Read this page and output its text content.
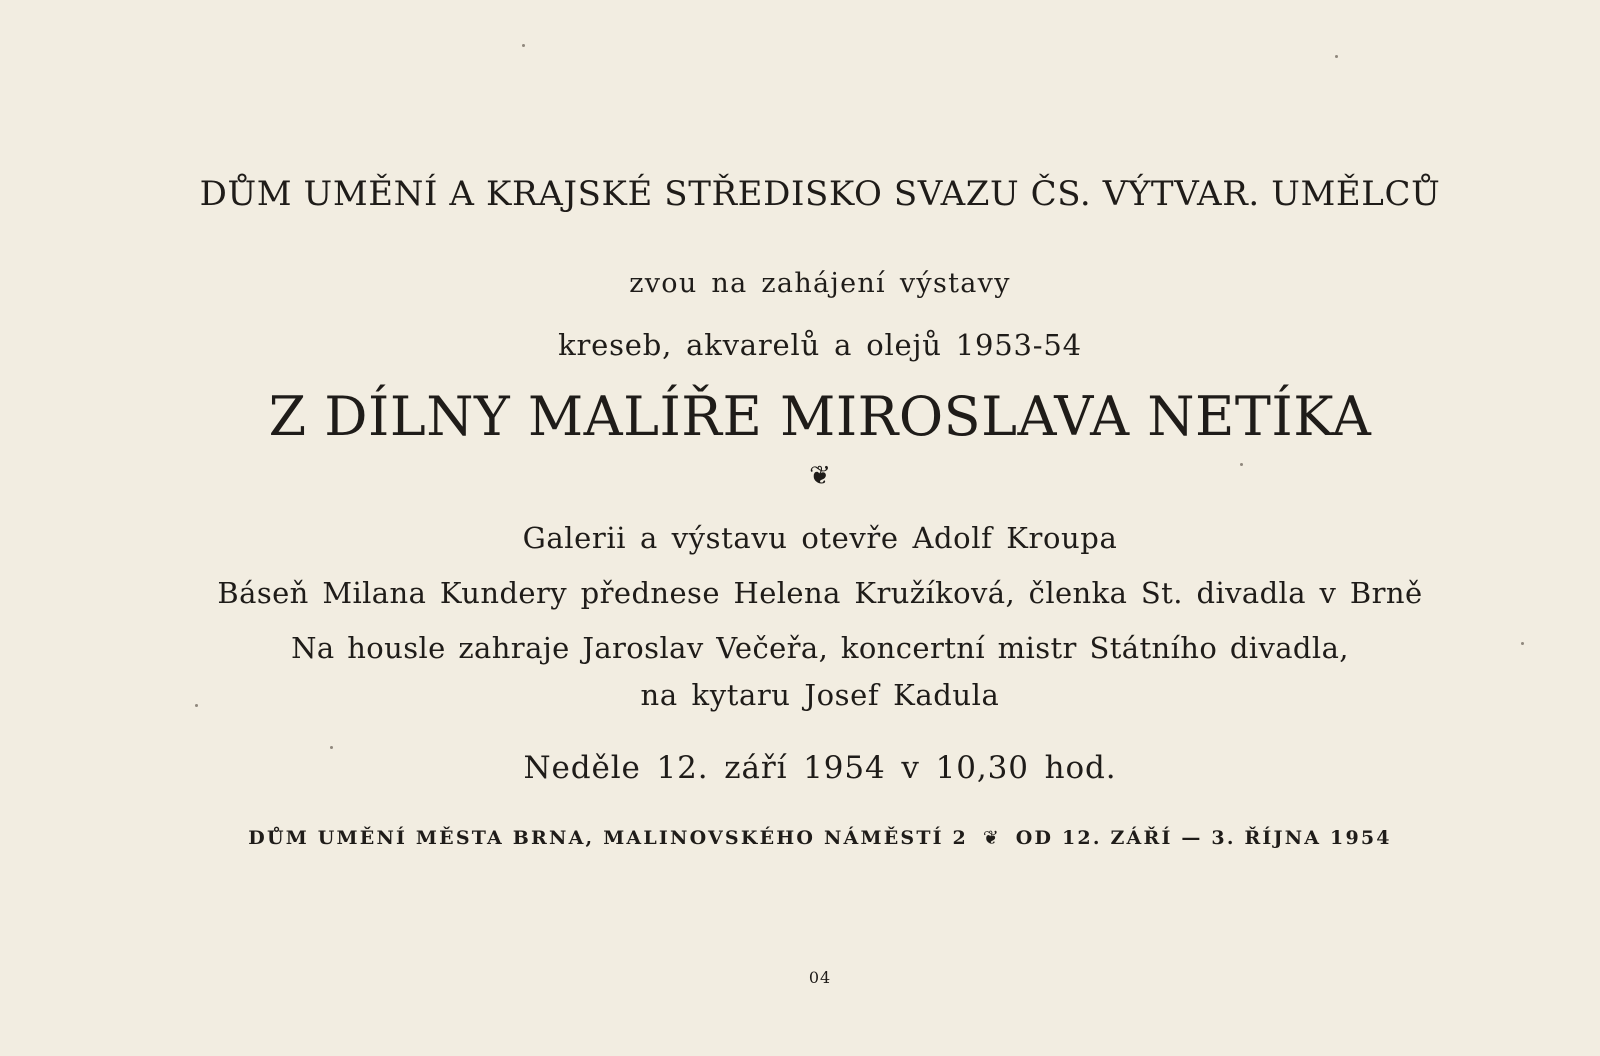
DŮM UMĚNÍ A KRAJSKÉ STŘEDISKO SVAZU ČS. VÝTVAR. UMĚLCŮ
zvou na zahájení výstavy
kreseb, akvarelů a olejů 1953-54
Z DÍLNY MALÍŘE MIROSLAVA NETÍKA
❦
Galerii a výstavu otevře Adolf Kroupa
Báseň Milana Kundery přednese Helena Kružíková, členka St. divadla v Brně
Na housle zahraje Jaroslav Večeřa, koncertní mistr Státního divadla,
na kytaru Josef Kadula
Neděle 12. září 1954 v 10,30 hod.
DŮM UMĚNÍ MĚSTA BRNA, MALINOVSKÉHO NÁMĚSTÍ 2 ❦ OD 12. ZÁŘÍ — 3. ŘÍJNA 1954
04
